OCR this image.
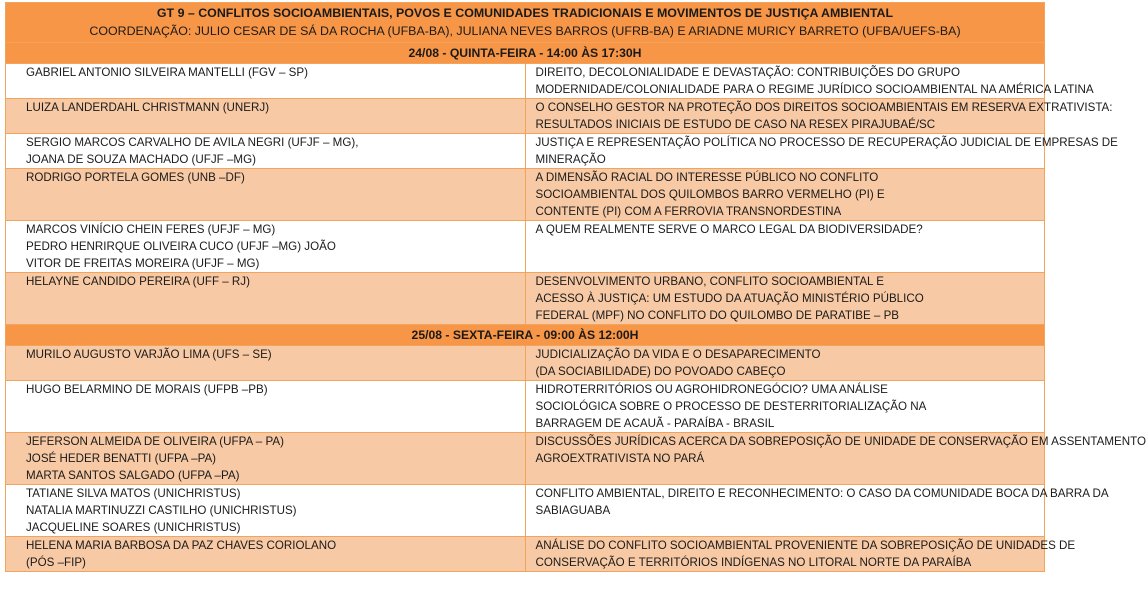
GT 9 – CONFLITOS SOCIOAMBIENTAIS, POVOS E COMUNIDADES TRADICIONAIS E MOVIMENTOS DE JUSTIÇA AMBIENTAL
COORDENAÇÃO: JULIO CESAR DE SÁ DA ROCHA (UFBA-BA), JULIANA NEVES BARROS (UFRB-BA) E ARIADNE MURICY BARRETO (UFBA/UEFS-BA)	

24/08 - QUINTA-FEIRA - 14:00 ÀS 17:30H	

GABRIEL ANTONIO SILVEIRA MANTELLI (FGV – SP)	DIREITO, DECOLONIALIDADE E DEVASTAÇÃO: CONTRIBUIÇÕES DO GRUPO
MODERNIDADE/COLONIALIDADE PARA O REGIME JURÍDICO SOCIOAMBIENTAL NA AMÉRICA LATINA

LUIZA LANDERDAHL CHRISTMANN (UNERJ)	O CONSELHO GESTOR NA PROTEÇÃO DOS DIREITOS SOCIOAMBIENTAIS EM RESERVA EXTRATIVISTA:
RESULTADOS INICIAIS DE ESTUDO DE CASO NA RESEX PIRAJUBAÉ/SC

SERGIO MARCOS CARVALHO DE AVILA NEGRI (UFJF – MG),
JOANA DE SOUZA MACHADO (UFJF –MG)	JUSTIÇA E REPRESENTAÇÃO POLÍTICA NO PROCESSO DE RECUPERAÇÃO JUDICIAL DE EMPRESAS DE
MINERAÇÃO

RODRIGO PORTELA GOMES (UNB –DF)	A DIMENSÃO RACIAL DO INTERESSE PÚBLICO NO CONFLITO
SOCIOAMBIENTAL DOS QUILOMBOS BARRO VERMELHO (PI) E
CONTENTE (PI) COM A FERROVIA TRANSNORDESTINA

MARCOS VINÍCIO CHEIN FERES (UFJF – MG)
PEDRO HENRIRQUE OLIVEIRA CUCO (UFJF –MG) JOÃO
VITOR DE FREITAS MOREIRA (UFJF – MG)	A QUEM REALMENTE SERVE O MARCO LEGAL DA BIODIVERSIDADE?

HELAYNE CANDIDO PEREIRA (UFF – RJ)	DESENVOLVIMENTO URBANO, CONFLITO SOCIOAMBIENTAL E
ACESSO À JUSTIÇA: UM ESTUDO DA ATUAÇÃO MINISTÉRIO PÚBLICO
FEDERAL (MPF) NO CONFLITO DO QUILOMBO DE PARATIBE – PB

25/08 - SEXTA-FEIRA - 09:00 ÀS 12:00H	

MURILO AUGUSTO VARJÃO LIMA (UFS – SE)	JUDICIALIZAÇÃO DA VIDA E O DESAPARECIMENTO
(DA SOCIABILIDADE) DO POVOADO CABEÇO

HUGO BELARMINO DE MORAIS (UFPB –PB)	HIDROTERRITÓRIOS OU AGROHIDRONEGÓCIO? UMA ANÁLISE
SOCIOLÓGICA SOBRE O PROCESSO DE DESTERRITORIALIZAÇÃO NA
BARRAGEM DE ACAUÃ - PARAÍBA - BRASIL

JEFERSON ALMEIDA DE OLIVEIRA (UFPA – PA)
JOSÉ HEDER BENATTI (UFPA –PA)
MARTA SANTOS SALGADO (UFPA –PA)	DISCUSSÕES JURÍDICAS ACERCA DA SOBREPOSIÇÃO DE UNIDADE DE CONSERVAÇÃO EM ASSENTAMENTO
AGROEXTRATIVISTA NO PARÁ

TATIANE SILVA MATOS (UNICHRISTUS)
NATALIA MARTINUZZI CASTILHO (UNICHRISTUS)
JACQUELINE SOARES (UNICHRISTUS)	CONFLITO AMBIENTAL, DIREITO E RECONHECIMENTO: O CASO DA COMUNIDADE BOCA DA BARRA DA
SABIAGUABA

HELENA MARIA BARBOSA DA PAZ CHAVES CORIOLANO
(PÓS –FIP)	ANÁLISE DO CONFLITO SOCIOAMBIENTAL PROVENIENTE DA SOBREPOSIÇÃO DE UNIDADES DE
CONSERVAÇÃO E TERRITÓRIOS INDÍGENAS NO LITORAL NORTE DA PARAÍBA
